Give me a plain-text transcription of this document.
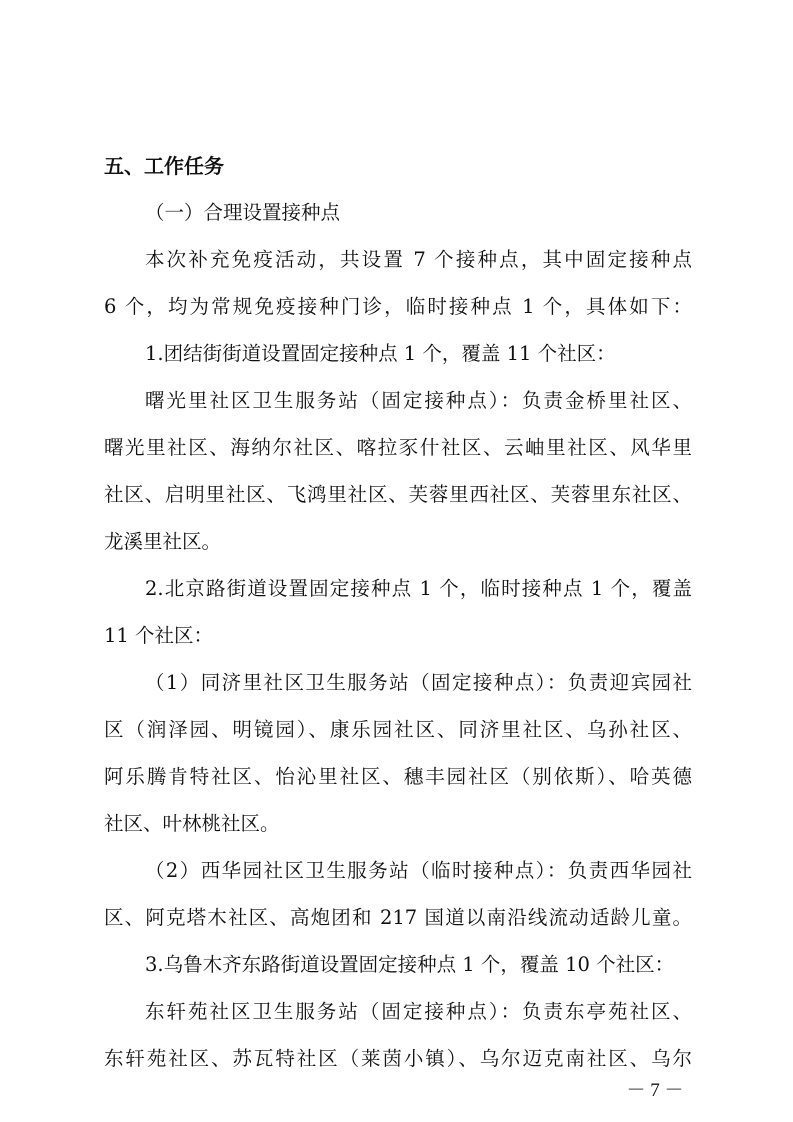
五、工作任务
（一）合理设置接种点
本次补充免疫活动，共设置 7 个接种点，其中固定接种点
6 个，均为常规免疫接种门诊，临时接种点 1 个，具体如下：
1.团结街街道设置固定接种点 1 个，覆盖 11 个社区：
曙光里社区卫生服务站（固定接种点）：负责金桥里社区、
曙光里社区、海纳尔社区、喀拉豕什社区、云岫里社区、风华里
社区、启明里社区、飞鸿里社区、芙蓉里西社区、芙蓉里东社区、
龙溪里社区。
2.北京路街道设置固定接种点 1 个，临时接种点 1 个，覆盖
11 个社区：
（1）同济里社区卫生服务站（固定接种点）：负责迎宾园社
区（润泽园、明镜园）、康乐园社区、同济里社区、乌孙社区、
阿乐腾肯特社区、怡沁里社区、穗丰园社区（别依斯）、哈英德
社区、叶林桃社区。
（2）西华园社区卫生服务站（临时接种点）：负责西华园社
区、阿克塔木社区、高炮团和 217 国道以南沿线流动适龄儿童。
3.乌鲁木齐东路街道设置固定接种点 1 个，覆盖 10 个社区：
东轩苑社区卫生服务站（固定接种点）：负责东亭苑社区、
东轩苑社区、苏瓦特社区（莱茵小镇）、乌尔迈克南社区、乌尔
－ 7 －
